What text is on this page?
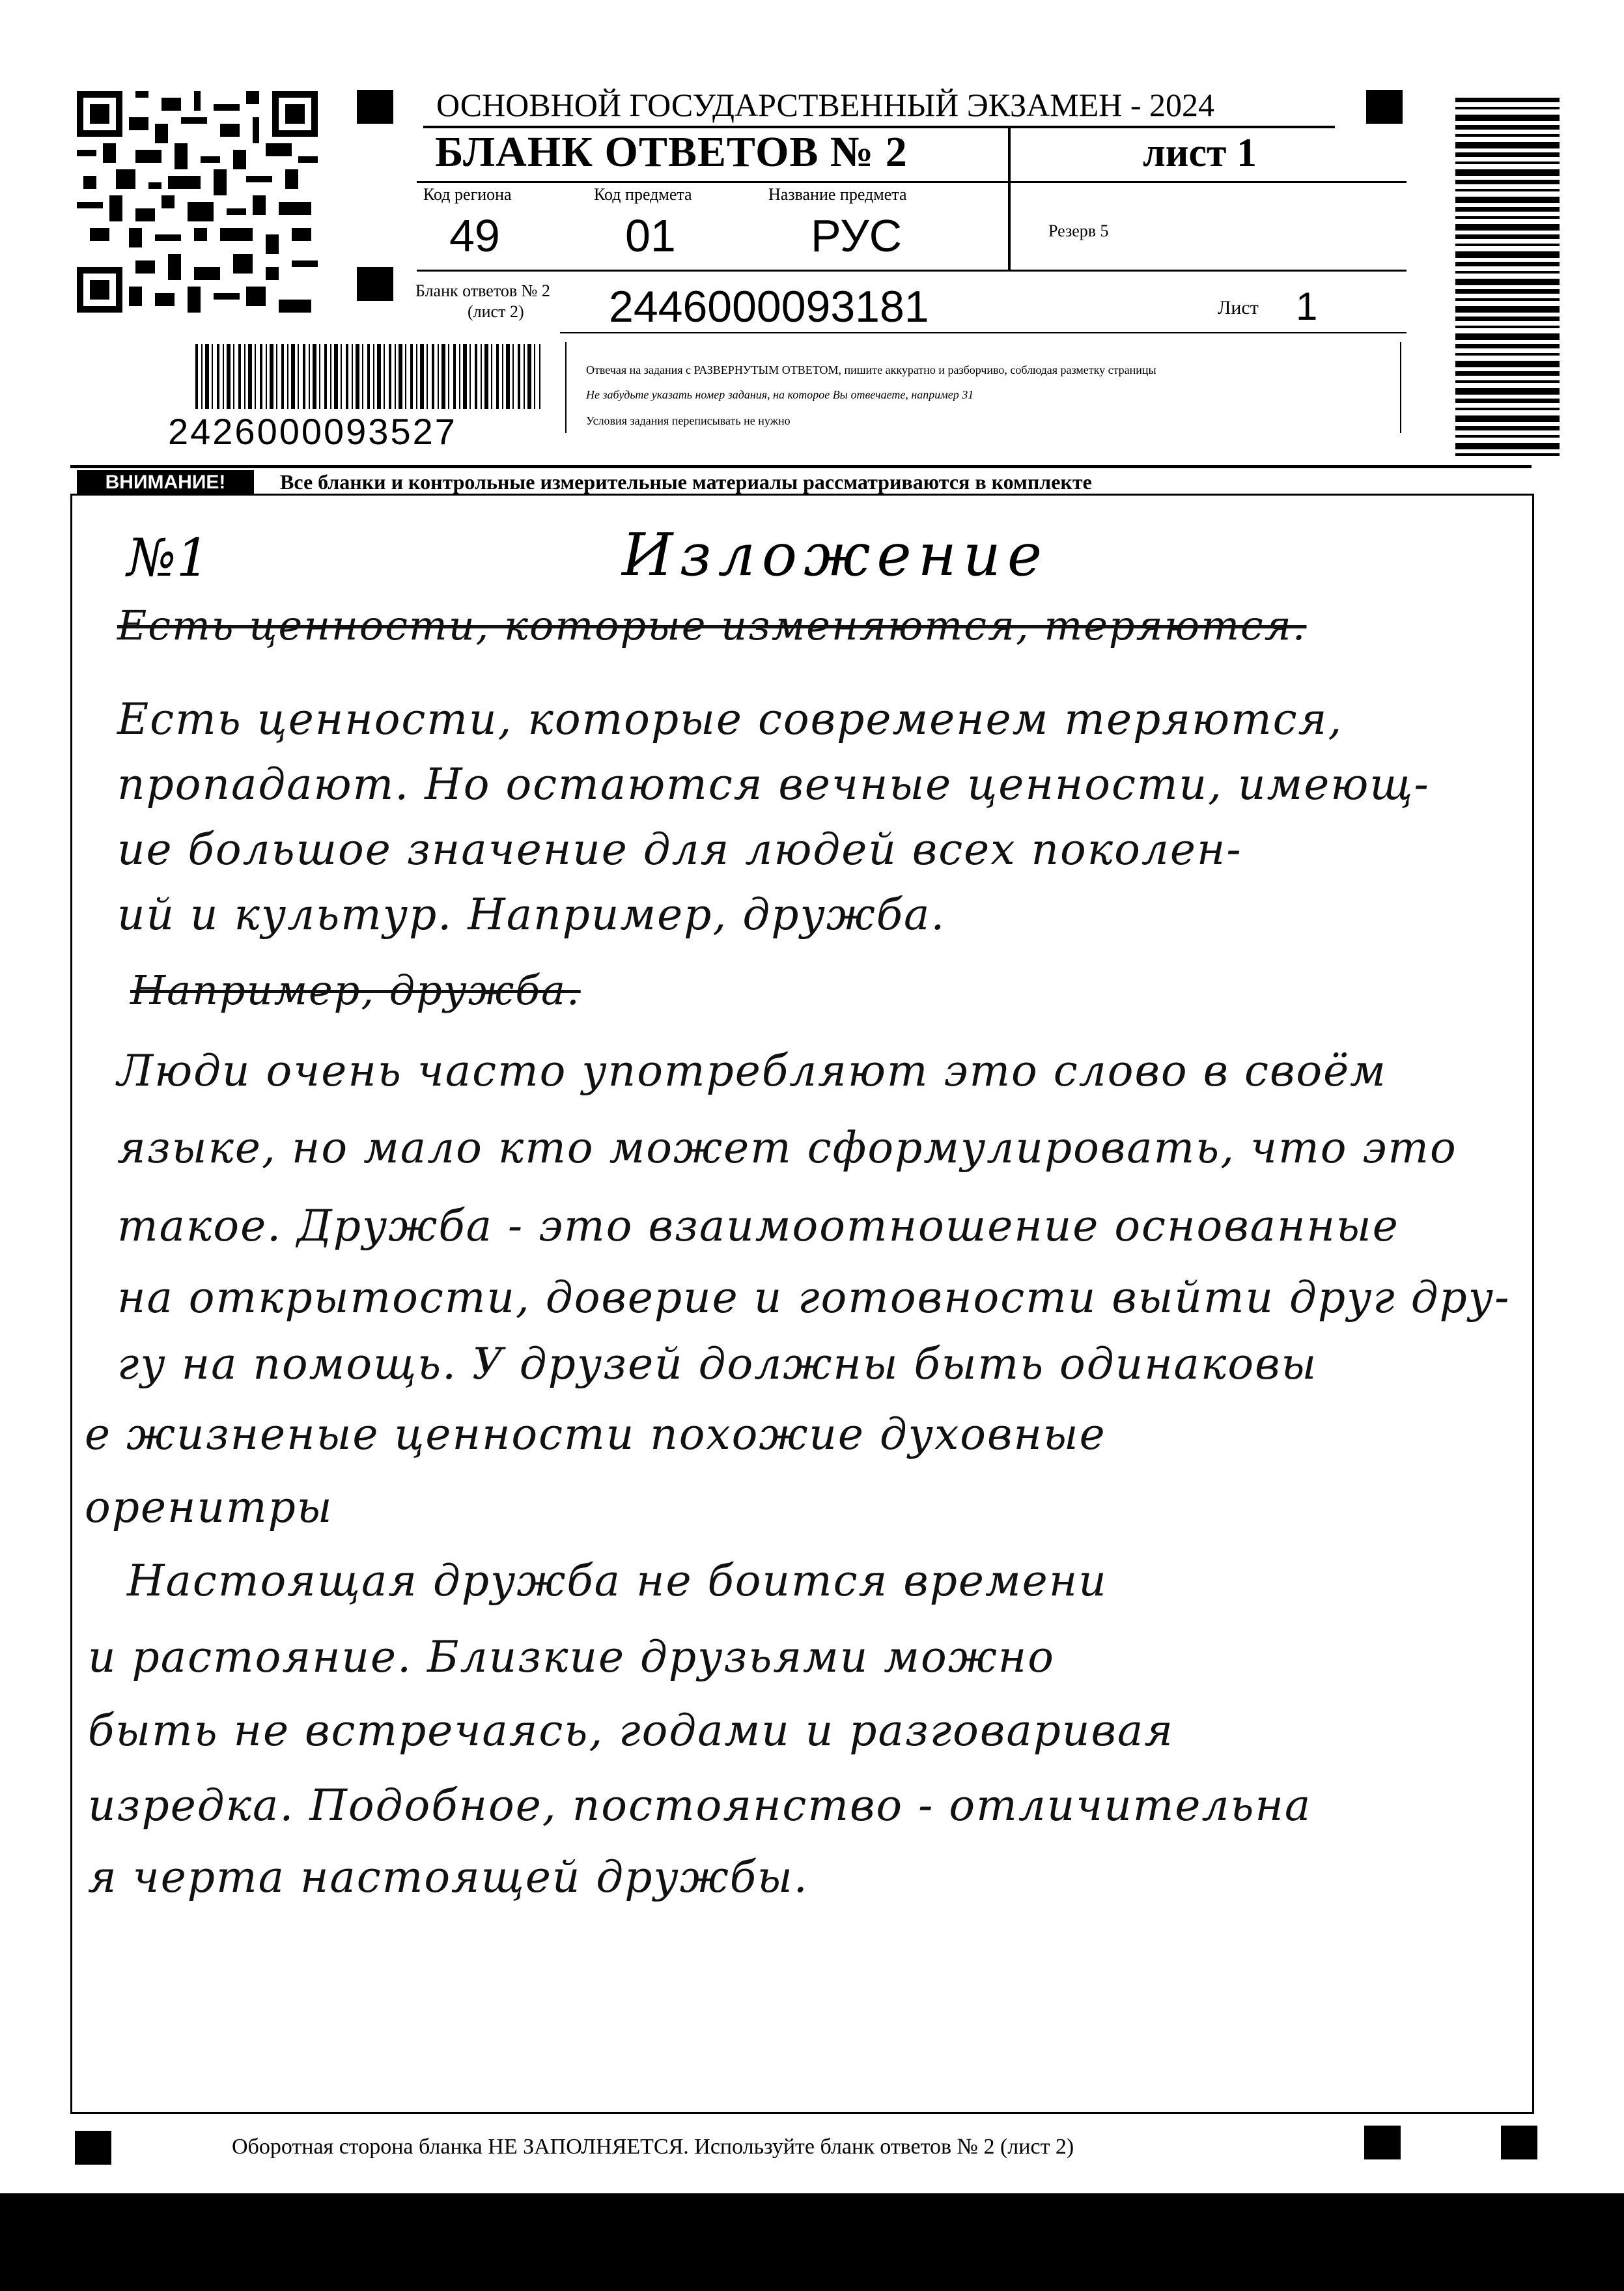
ОСНОВНОЙ ГОСУДАРСТВЕННЫЙ ЭКЗАМЕН - 2024
БЛАНК ОТВЕТОВ № 2	лист 1
Код региона	Код предмета	Название предмета
49	01	РУС	Резерв 5
Бланк ответов № 2
(лист 2) 2446000093181	Лист 1
2426000093527
Отвечая на задания с РАЗВЕРНУТЫМ ОТВЕТОМ, пишите аккуратно и разборчиво, соблюдая разметку страницы
Не забудьте указать номер задания, на которое Вы отвечаете, например 31
Условия задания переписывать не нужно
ВНИМАНИЕ!	Все бланки и контрольные измерительные материалы рассматриваются в комплекте
№1	Изложение
Есть ценности, которые изменяются, теряются.
Есть ценности, которые современем теряются,
пропадают. Но остаются вечные ценности, имеющ-
ие большое значение для людей всех поколен-
ий и культур. Например, дружба.
Например, дружба.
Люди очень часто употребляют это слово в своём
языке, но мало кто может сформулировать, что это
такое. Дружба - это взаимоотношение основанные
на открытости, доверие и готовности выйти друг дру-
гу на помощь. У друзей должны быть одинаковы
е жизненые ценности похожие духовные
оренитры
Настоящая дружба не боится времени
и растояние. Близкие друзьями можно
быть не встречаясь, годами и разговаривая
изредка. Подобное, постоянство - отличительна
я черта настоящей дружбы.
Оборотная сторона бланка НЕ ЗАПОЛНЯЕТСЯ. Используйте бланк ответов № 2 (лист 2)
